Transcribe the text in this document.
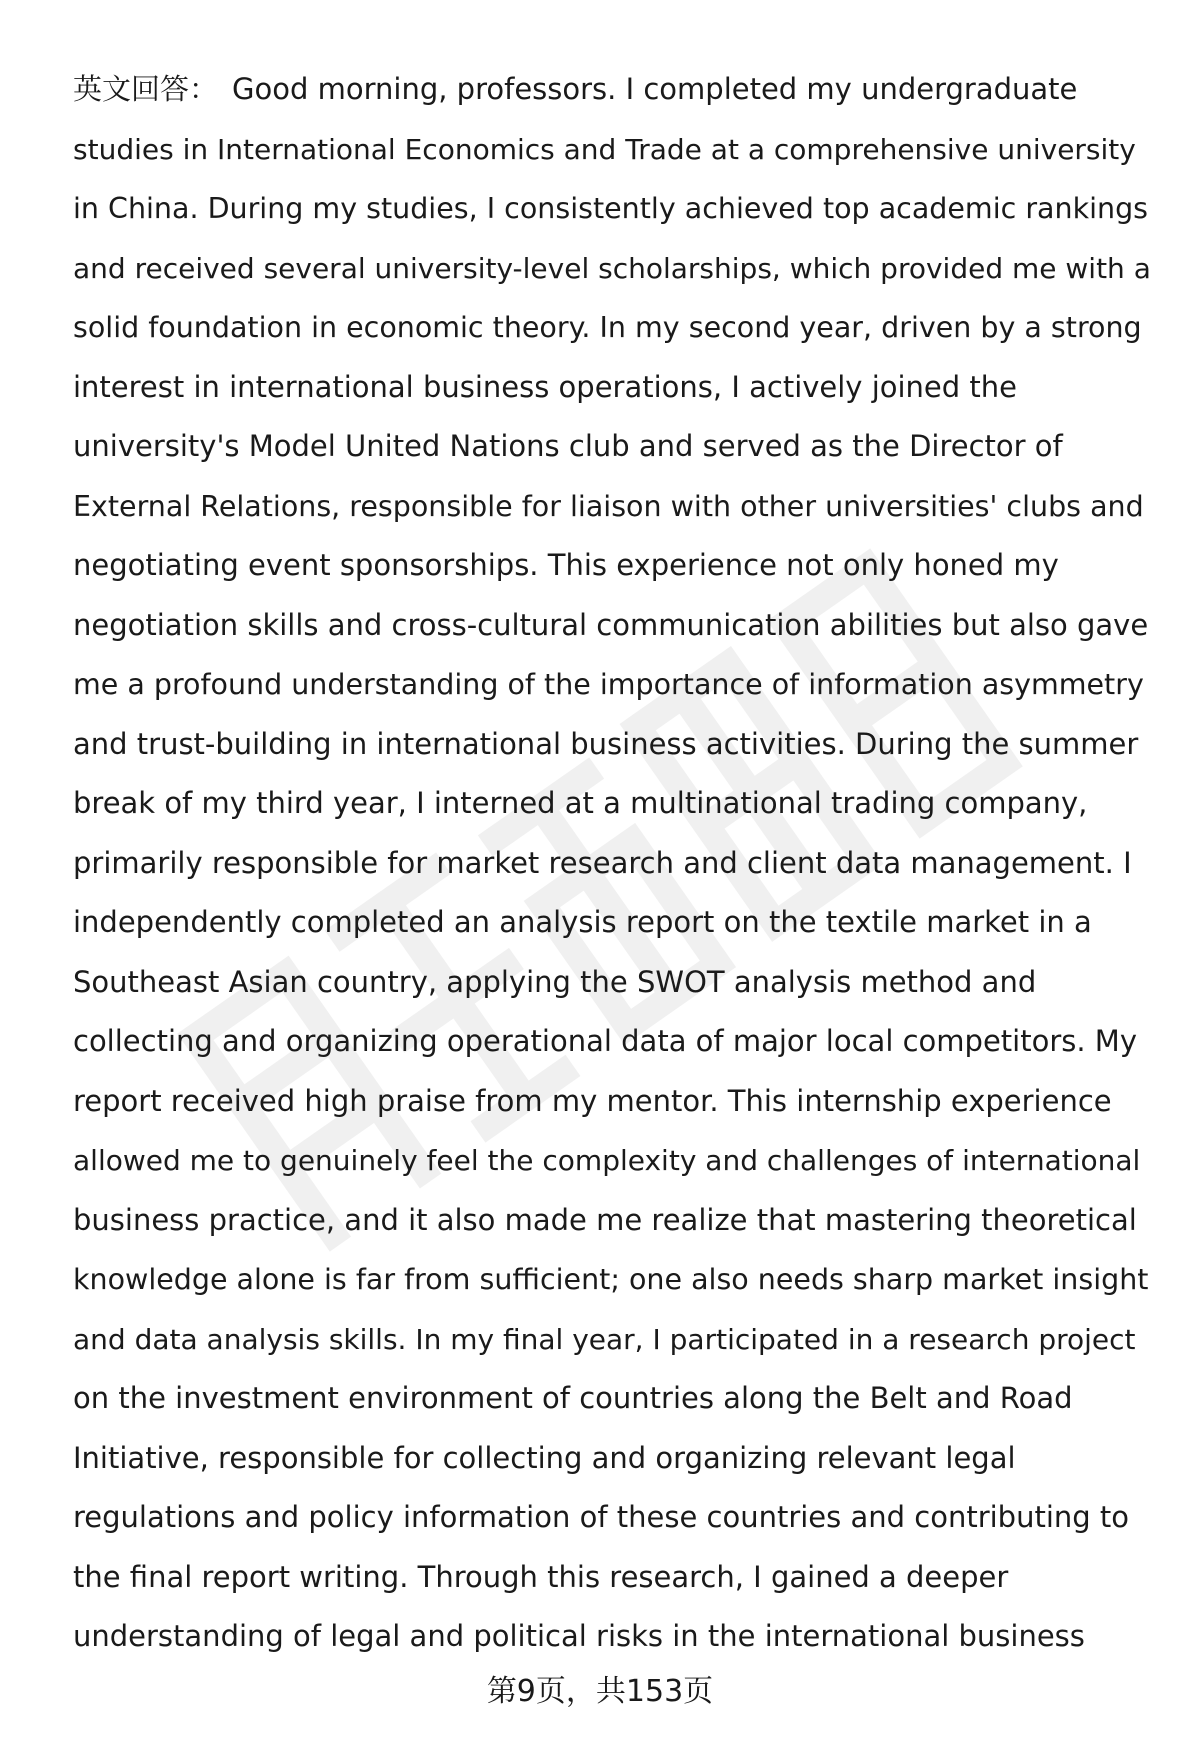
英文回答： Good morning, professors. I completed my undergraduate
studies in International Economics and Trade at a comprehensive university
in China. During my studies, I consistently achieved top academic rankings
and received several university-level scholarships, which provided me with a
solid foundation in economic theory. In my second year, driven by a strong
interest in international business operations, I actively joined the
university's Model United Nations club and served as the Director of
External Relations, responsible for liaison with other universities' clubs and
negotiating event sponsorships. This experience not only honed my
negotiation skills and cross-cultural communication abilities but also gave
me a profound understanding of the importance of information asymmetry
and trust-building in international business activities. During the summer
break of my third year, I interned at a multinational trading company,
primarily responsible for market research and client data management. I
independently completed an analysis report on the textile market in a
Southeast Asian country, applying the SWOT analysis method and
collecting and organizing operational data of major local competitors. My
report received high praise from my mentor. This internship experience
allowed me to genuinely feel the complexity and challenges of international
business practice, and it also made me realize that mastering theoretical
knowledge alone is far from sufficient; one also needs sharp market insight
and data analysis skills. In my final year, I participated in a research project
on the investment environment of countries along the Belt and Road
Initiative, responsible for collecting and organizing relevant legal
regulations and policy information of these countries and contributing to
the final report writing. Through this research, I gained a deeper
understanding of legal and political risks in the international business
第9页，共153页
